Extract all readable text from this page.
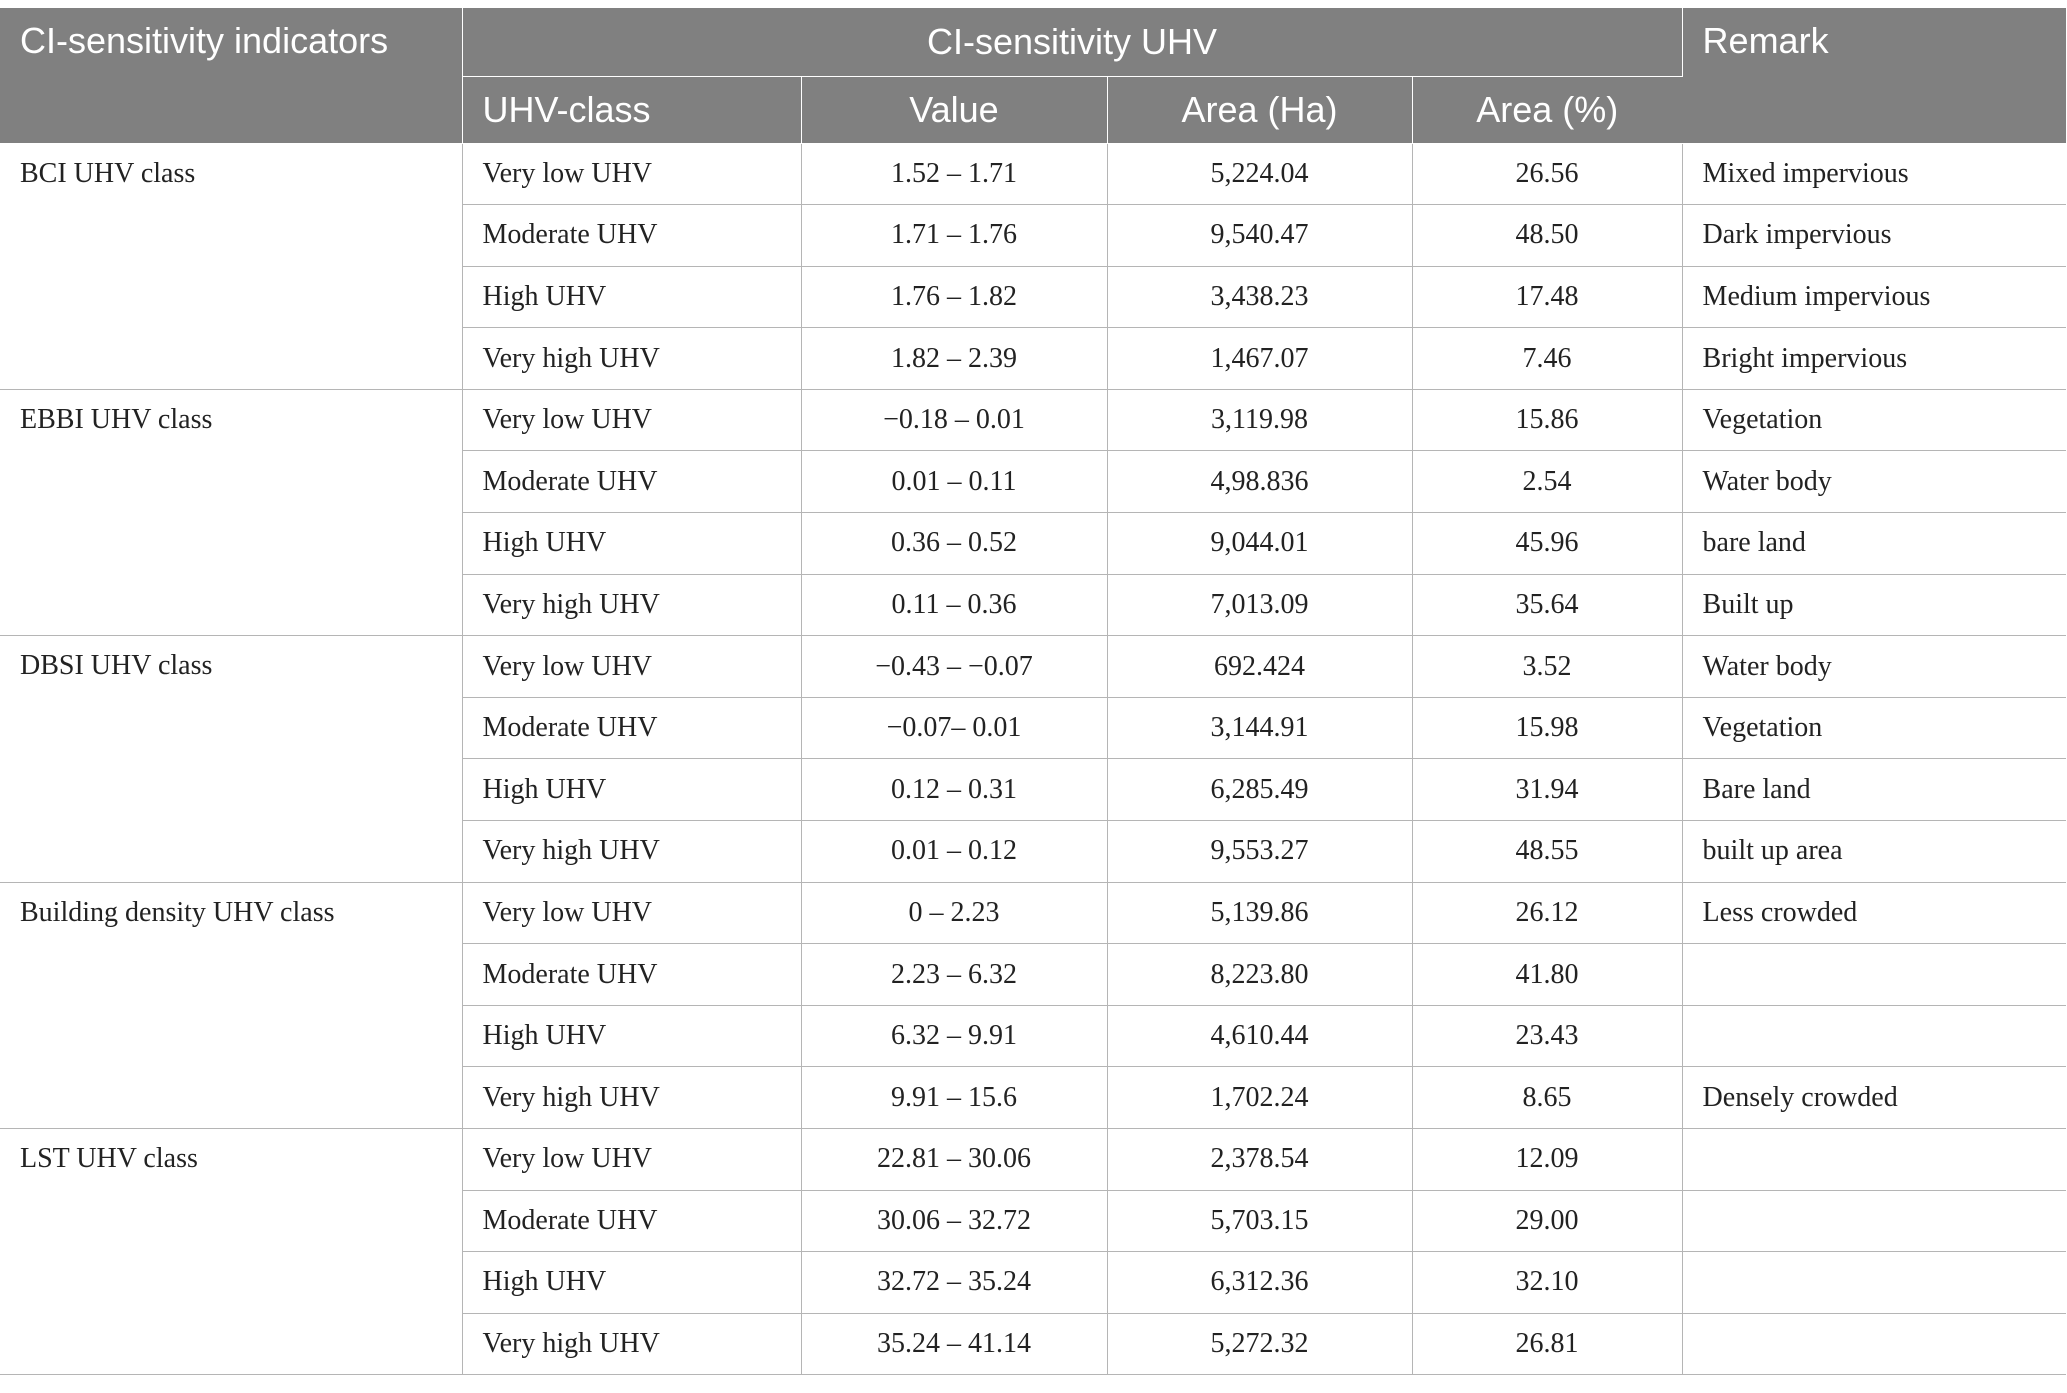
CI-sensitivity indicators	CI-sensitivity UHV				Remark
	UHV-class	Value	Area (Ha)	Area (%)	
BCI UHV class	Very low UHV	1.52 – 1.71	5,224.04	26.56	Mixed impervious
	Moderate UHV	1.71 – 1.76	9,540.47	48.50	Dark impervious
	High UHV	1.76 – 1.82	3,438.23	17.48	Medium impervious
	Very high UHV	1.82 – 2.39	1,467.07	7.46	Bright impervious
EBBI UHV class	Very low UHV	−0.18 – 0.01	3,119.98	15.86	Vegetation
	Moderate UHV	0.01 – 0.11	4,98.836	2.54	Water body
	High UHV	0.36 – 0.52	9,044.01	45.96	bare land
	Very high UHV	0.11 – 0.36	7,013.09	35.64	Built up
DBSI UHV class	Very low UHV	−0.43 – −0.07	692.424	3.52	Water body
	Moderate UHV	−0.07– 0.01	3,144.91	15.98	Vegetation
	High UHV	0.12 – 0.31	6,285.49	31.94	Bare land
	Very high UHV	0.01 – 0.12	9,553.27	48.55	built up area
Building density UHV class	Very low UHV	0 – 2.23	5,139.86	26.12	Less crowded
	Moderate UHV	2.23 – 6.32	8,223.80	41.80	
	High UHV	6.32 – 9.91	4,610.44	23.43	
	Very high UHV	9.91 – 15.6	1,702.24	8.65	Densely crowded
LST UHV class	Very low UHV	22.81 – 30.06	2,378.54	12.09	
	Moderate UHV	30.06 – 32.72	5,703.15	29.00	
	High UHV	32.72 – 35.24	6,312.36	32.10	
	Very high UHV	35.24 – 41.14	5,272.32	26.81	
